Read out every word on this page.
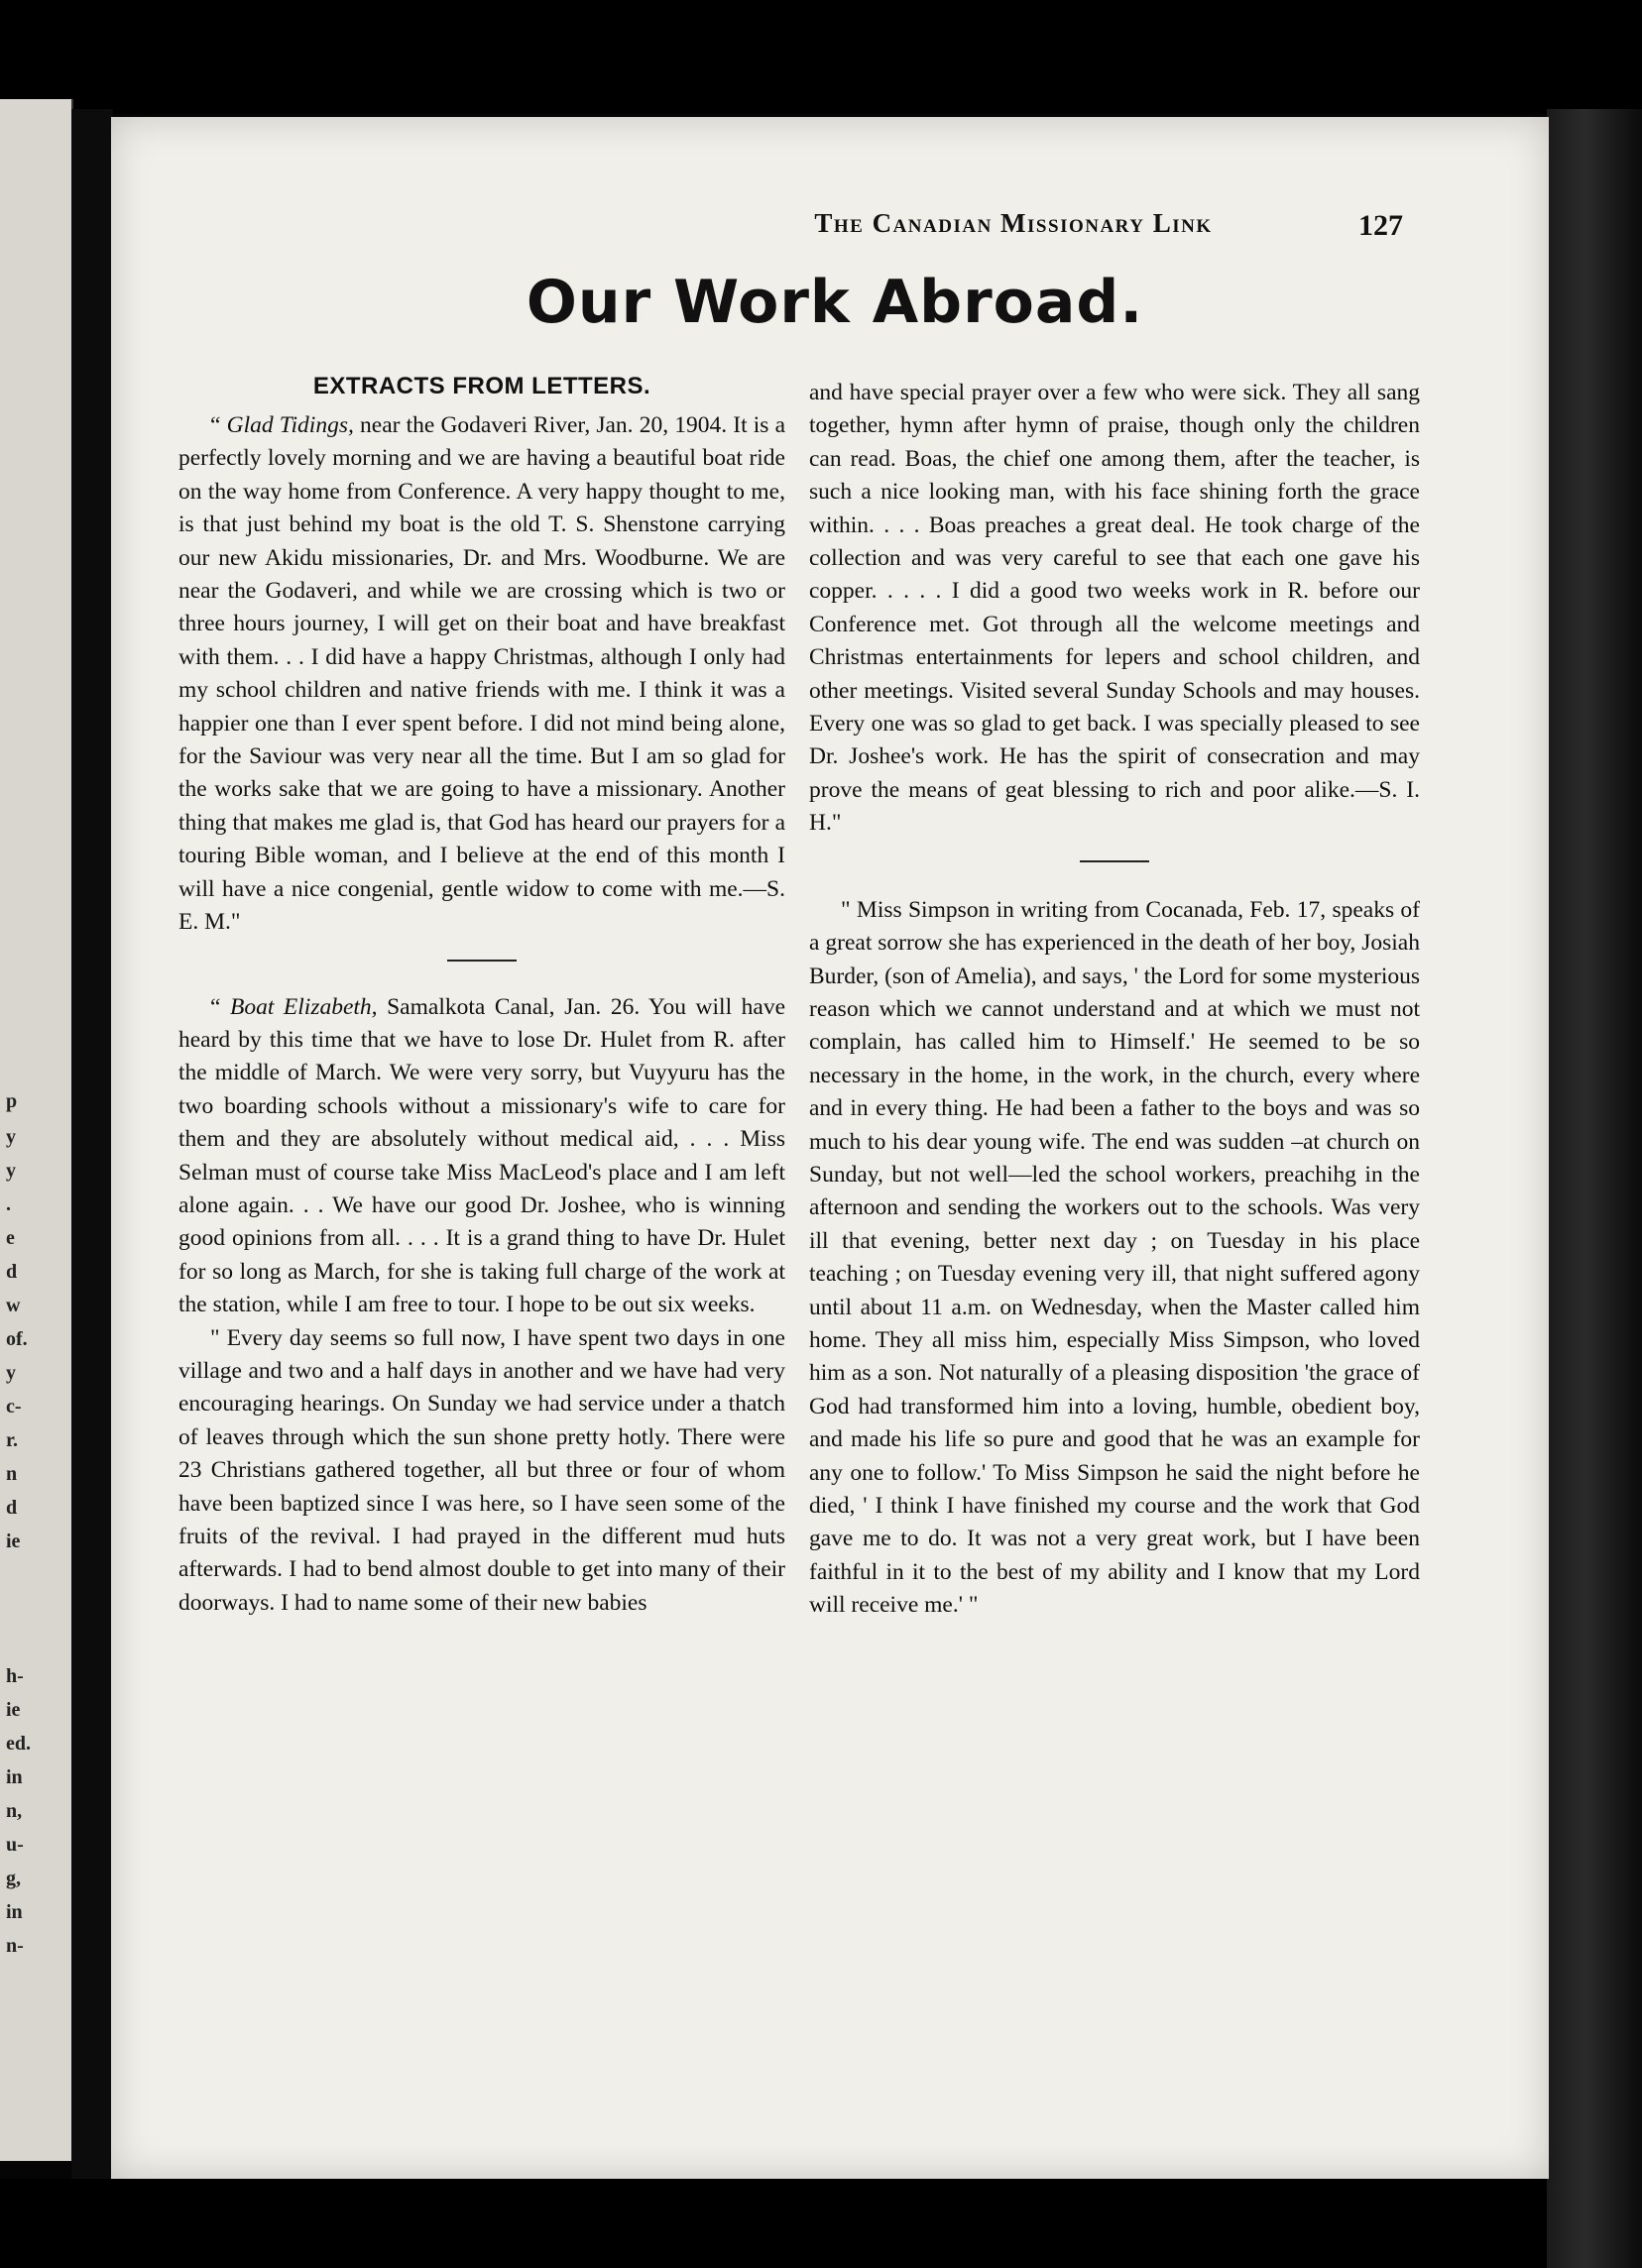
p
y
y
.
e
d
w
of.
y
c-
r.
n
d
ie
h-
ie
ed.
in
n,
u-
g,
in
n-
The Canadian Missionary Link	127
Our Work Abroad.
EXTRACTS FROM LETTERS.

“ Glad Tidings, near the Godaveri River, Jan. 20, 1904. It is a perfectly lovely morning and we are having a beautiful boat ride on the way home from Conference. A very happy thought to me, is that just behind my boat is the old T. S. Shenstone carrying our new Akidu missionaries, Dr. and Mrs. Woodburne. We are near the Godaveri, and while we are crossing which is two or three hours journey, I will get on their boat and have breakfast with them. . . I did have a happy Christmas, although I only had my school children and native friends with me. I think it was a happier one than I ever spent before. I did not mind being alone, for the Saviour was very near all the time. But I am so glad for the works sake that we are going to have a missionary. Another thing that makes me glad is, that God has heard our prayers for a touring Bible woman, and I believe at the end of this month I will have a nice congenial, gentle widow to come with me.—S. E. M."

“ Boat Elizabeth, Samalkota Canal, Jan. 26. You will have heard by this time that we have to lose Dr. Hulet from R. after the middle of March. We were very sorry, but Vuyyuru has the two boarding schools without a missionary's wife to care for them and they are absolutely without medical aid, . . . Miss Selman must of course take Miss MacLeod's place and I am left alone again. . . We have our good Dr. Joshee, who is winning good opinions from all. . . . It is a grand thing to have Dr. Hulet for so long as March, for she is taking full charge of the work at the station, while I am free to tour. I hope to be out six weeks.

" Every day seems so full now, I have spent two days in one village and two and a half days in another and we have had very encouraging hearings. On Sunday we had service under a thatch of leaves through which the sun shone pretty hotly. There were 23 Christians gathered together, all but three or four of whom have been baptized since I was here, so I have seen some of the fruits of the revival. I had prayed in the different mud huts afterwards. I had to bend almost double to get into many of their doorways. I had to name some of their new babies

and have special prayer over a few who were sick. They all sang together, hymn after hymn of praise, though only the children can read. Boas, the chief one among them, after the teacher, is such a nice looking man, with his face shining forth the grace within. . . . Boas preaches a great deal. He took charge of the collection and was very careful to see that each one gave his copper. . . . . I did a good two weeks work in R. before our Conference met. Got through all the welcome meetings and Christmas entertainments for lepers and school children, and other meetings. Visited several Sunday Schools and may houses. Every one was so glad to get back. I was specially pleased to see Dr. Joshee's work. He has the spirit of consecration and may prove the means of geat blessing to rich and poor alike.—S. I. H."

" Miss Simpson in writing from Cocanada, Feb. 17, speaks of a great sorrow she has experienced in the death of her boy, Josiah Burder, (son of Amelia), and says, ' the Lord for some mysterious reason which we cannot understand and at which we must not complain, has called him to Himself.' He seemed to be so necessary in the home, in the work, in the church, every where and in every thing. He had been a father to the boys and was so much to his dear young wife. The end was sudden –at church on Sunday, but not well—led the school workers, preachihg in the afternoon and sending the workers out to the schools. Was very ill that evening, better next day ; on Tuesday in his place teaching ; on Tuesday evening very ill, that night suffered agony until about 11 a.m. on Wednesday, when the Master called him home. They all miss him, especially Miss Simpson, who loved him as a son. Not naturally of a pleasing disposition 'the grace of God had transformed him into a loving, humble, obedient boy, and made his life so pure and good that he was an example for any one to follow.' To Miss Simpson he said the night before he died, ' I think I have finished my course and the work that God gave me to do. It was not a very great work, but I have been faithful in it to the best of my ability and I know that my Lord will receive me.' "
